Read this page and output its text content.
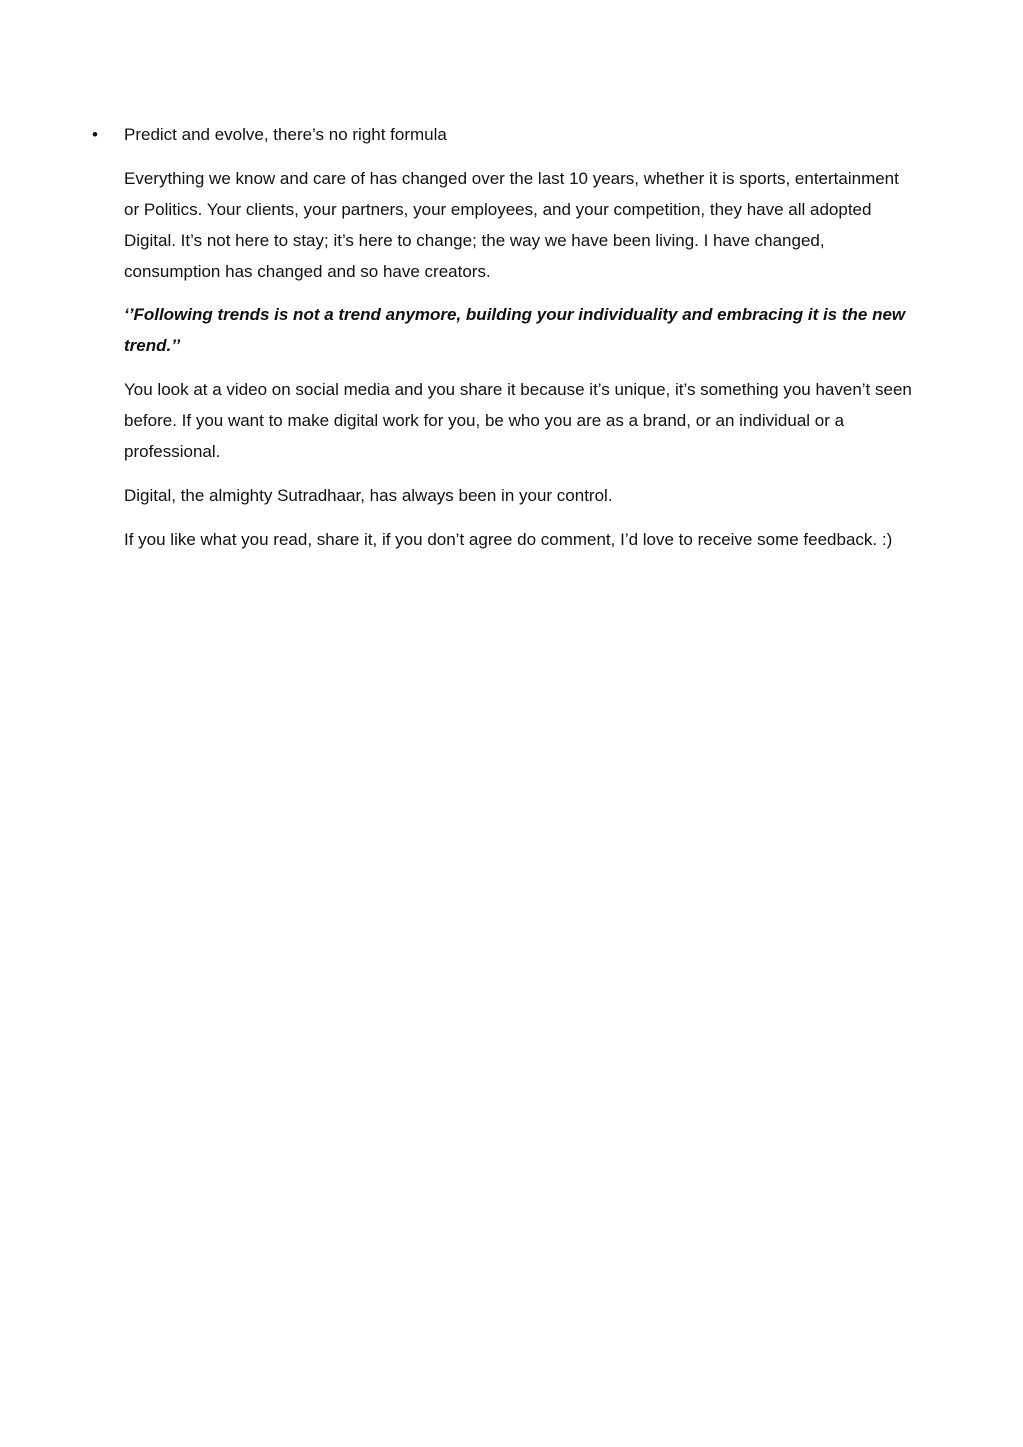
• Predict and evolve, there’s no right formula

Everything we know and care of has changed over the last 10 years, whether it is sports, entertainment or Politics. Your clients, your partners, your employees, and your competition, they have all adopted Digital. It’s not here to stay; it’s here to change; the way we have been living. I have changed, consumption has changed and so have creators.

‘’Following trends is not a trend anymore, building your individuality and embracing it is the new trend.’’

You look at a video on social media and you share it because it’s unique, it’s something you haven’t seen before. If you want to make digital work for you, be who you are as a brand, or an individual or a professional.

Digital, the almighty Sutradhaar, has always been in your control.

If you like what you read, share it, if you don’t agree do comment, I’d love to receive some feedback. :)
